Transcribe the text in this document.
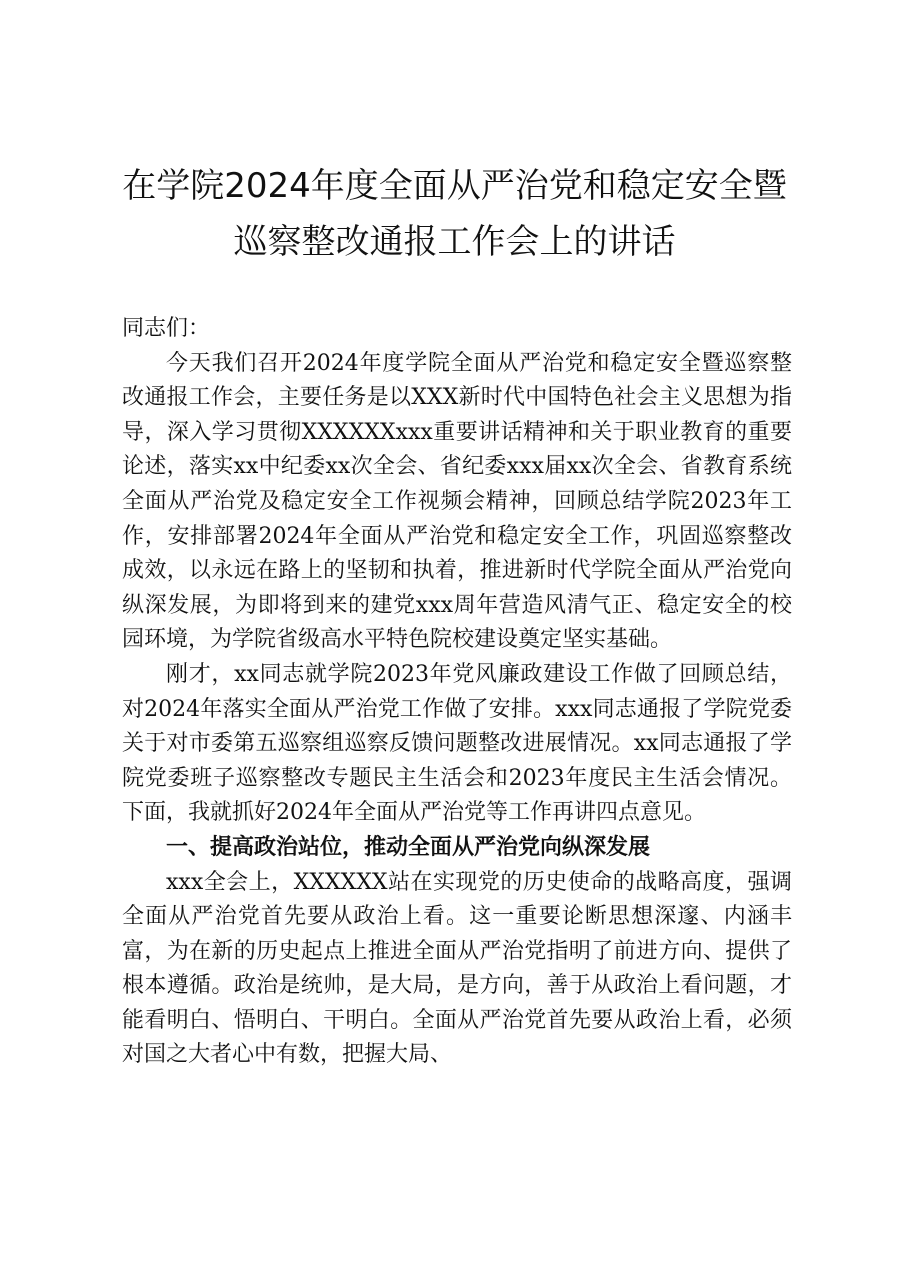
在学院2024年度全面从严治党和稳定安全暨
巡察整改通报工作会上的讲话

同志们：

今天我们召开2024年度学院全面从严治党和稳定安全暨巡察整改通报工作会，主要任务是以XXX新时代中国特色社会主义思想为指导，深入学习贯彻XXXXXXxxx重要讲话精神和关于职业教育的重要论述，落实xx中纪委xx次全会、省纪委xxx届xx次全会、省教育系统全面从严治党及稳定安全工作视频会精神，回顾总结学院2023年工作，安排部署2024年全面从严治党和稳定安全工作，巩固巡察整改成效，以永远在路上的坚韧和执着，推进新时代学院全面从严治党向纵深发展，为即将到来的建党xxx周年营造风清气正、稳定安全的校园环境，为学院省级高水平特色院校建设奠定坚实基础。

刚才，xx同志就学院2023年党风廉政建设工作做了回顾总结，对2024年落实全面从严治党工作做了安排。xxx同志通报了学院党委关于对市委第五巡察组巡察反馈问题整改进展情况。xx同志通报了学院党委班子巡察整改专题民主生活会和2023年度民主生活会情况。下面，我就抓好2024年全面从严治党等工作再讲四点意见。

一、提高政治站位，推动全面从严治党向纵深发展

xxx全会上，XXXXXX站在实现党的历史使命的战略高度，强调全面从严治党首先要从政治上看。这一重要论断思想深邃、内涵丰富，为在新的历史起点上推进全面从严治党指明了前进方向、提供了根本遵循。政治是统帅，是大局，是方向，善于从政治上看问题，才能看明白、悟明白、干明白。全面从严治党首先要从政治上看，必须对国之大者心中有数，把握大局、
